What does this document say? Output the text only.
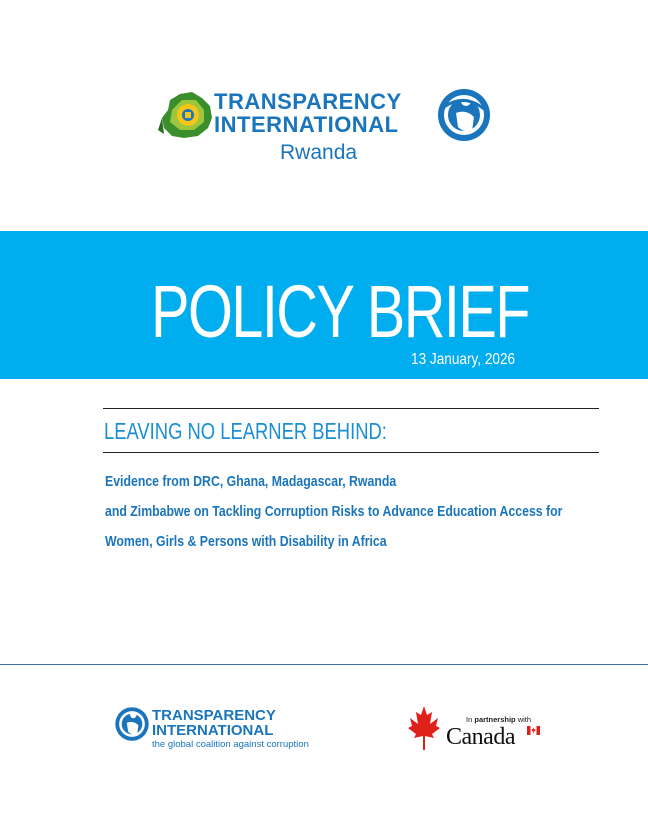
TRANSPARENCY
INTERNATIONAL
Rwanda
POLICY BRIEF
13 January, 2026
LEAVING NO LEARNER BEHIND:
Evidence from DRC, Ghana, Madagascar, Rwanda
and Zimbabwe on Tackling Corruption Risks to Advance Education Access for
Women, Girls & Persons with Disability in Africa
TRANSPARENCY
INTERNATIONAL
the global coalition against corruption
In partnership with
Canada
